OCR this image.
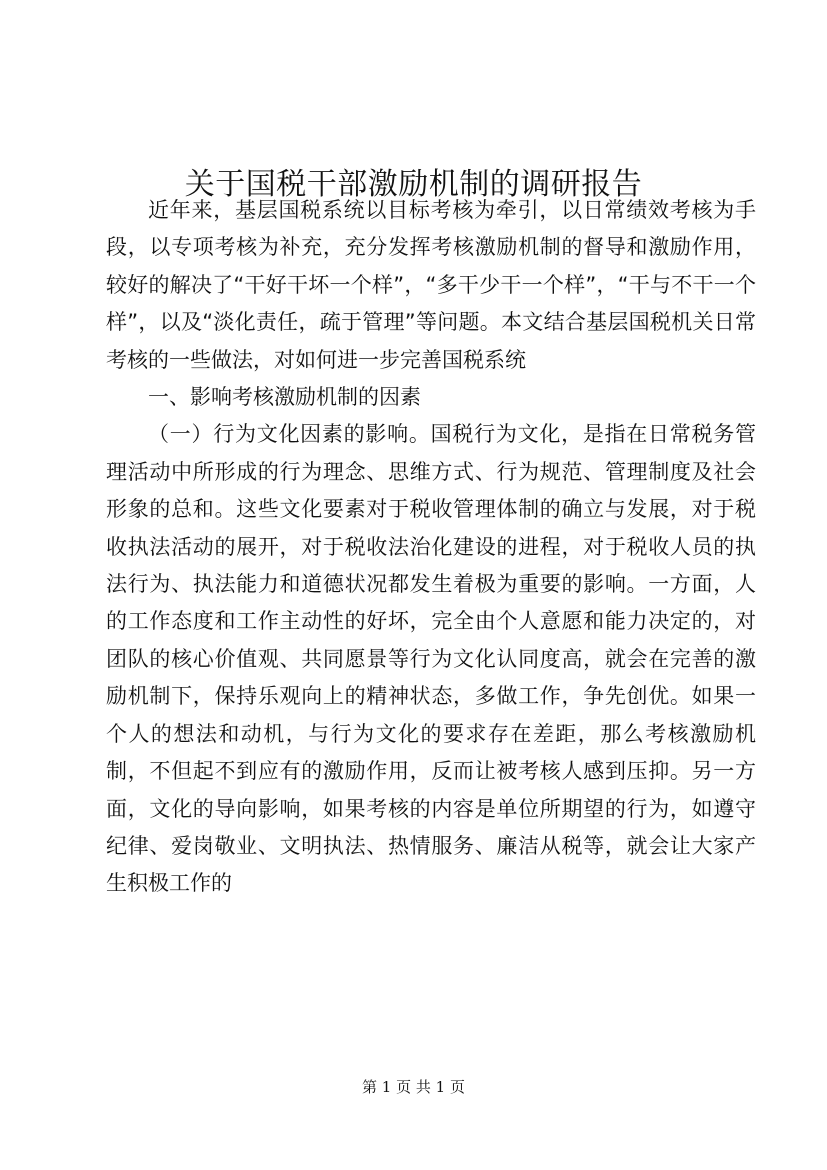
关于国税干部激励机制的调研报告

近年来，基层国税系统以目标考核为牵引，以日常绩效考核为手段，以专项考核为补充，充分发挥考核激励机制的督导和激励作用，较好的解决了“干好干坏一个样”，“多干少干一个样”，“干与不干一个样”，以及“淡化责任，疏于管理”等问题。本文结合基层国税机关日常考核的一些做法，对如何进一步完善国税系统

一、影响考核激励机制的因素

（一）行为文化因素的影响。国税行为文化，是指在日常税务管理活动中所形成的行为理念、思维方式、行为规范、管理制度及社会形象的总和。这些文化要素对于税收管理体制的确立与发展，对于税收执法活动的展开，对于税收法治化建设的进程，对于税收人员的执法行为、执法能力和道德状况都发生着极为重要的影响。一方面，人的工作态度和工作主动性的好坏，完全由个人意愿和能力决定的，对团队的核心价值观、共同愿景等行为文化认同度高，就会在完善的激励机制下，保持乐观向上的精神状态，多做工作，争先创优。如果一个人的想法和动机，与行为文化的要求存在差距，那么考核激励机制，不但起不到应有的激励作用，反而让被考核人感到压抑。另一方面，文化的导向影响，如果考核的内容是单位所期望的行为，如遵守纪律、爱岗敬业、文明执法、热情服务、廉洁从税等，就会让大家产生积极工作的

第 1 页 共 1 页
